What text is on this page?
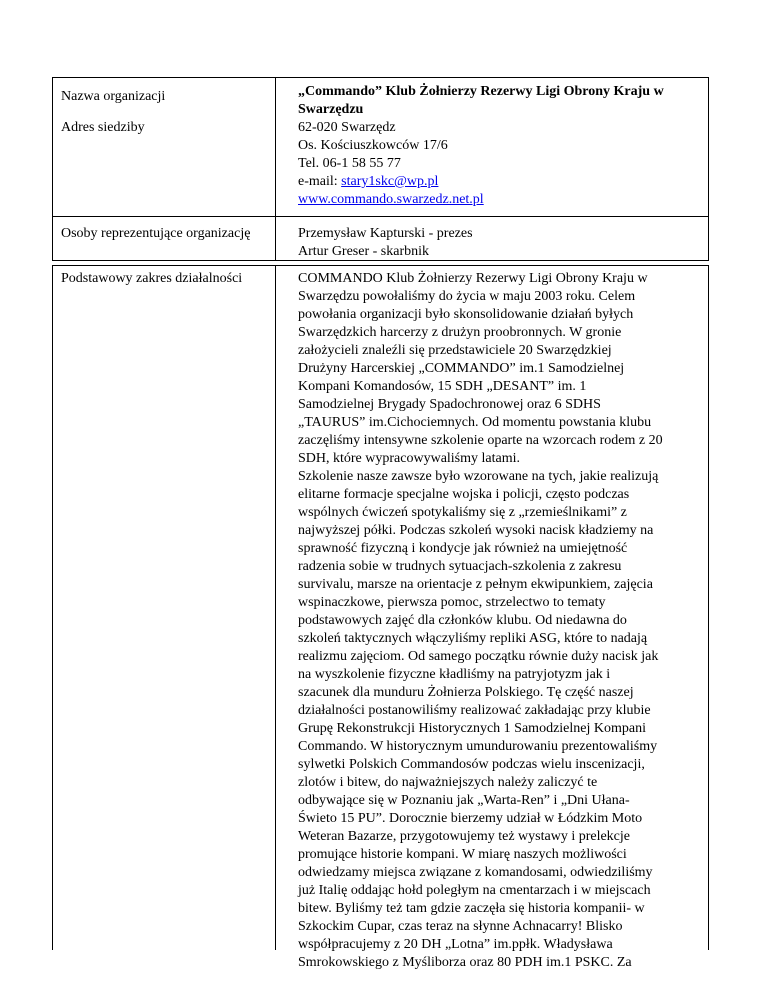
Nazwa organizacji
Adres siedziby
„Commando” Klub Żołnierzy Rezerwy Ligi Obrony Kraju w
Swarzędzu
62-020 Swarzędz
Os. Kościuszkowców 17/6
Tel. 06-1 58 55 77
e-mail: stary1skc@wp.pl
www.commando.swarzedz.net.pl
Osoby reprezentujące organizację	Przemysław Kapturski - prezes
Artur Greser - skarbnik
Podstawowy zakres działalności	COMMANDO Klub Żołnierzy Rezerwy Ligi Obrony Kraju w
Swarzędzu powołaliśmy do życia w maju 2003 roku. Celem
powołania organizacji było skonsolidowanie działań byłych
Swarzędzkich harcerzy z drużyn proobronnych. W gronie
założycieli znaleźli się przedstawiciele 20 Swarzędzkiej
Drużyny Harcerskiej „COMMANDO” im.1 Samodzielnej
Kompani Komandosów, 15 SDH „DESANT” im. 1
Samodzielnej Brygady Spadochronowej oraz 6 SDHS
„TAURUS” im.Cichociemnych. Od momentu powstania klubu
zaczęliśmy intensywne szkolenie oparte na wzorcach rodem z 20
SDH, które wypracowywaliśmy latami.
Szkolenie nasze zawsze było wzorowane na tych, jakie realizują
elitarne formacje specjalne wojska i policji, często podczas
wspólnych ćwiczeń spotykaliśmy się z „rzemieślnikami” z
najwyższej półki. Podczas szkoleń wysoki nacisk kładziemy na
sprawność fizyczną i kondycje jak również na umiejętność
radzenia sobie w trudnych sytuacjach-szkolenia z zakresu
survivalu, marsze na orientacje z pełnym ekwipunkiem, zajęcia
wspinaczkowe, pierwsza pomoc, strzelectwo to tematy
podstawowych zajęć dla członków klubu. Od niedawna do
szkoleń taktycznych włączyliśmy repliki ASG, które to nadają
realizmu zajęciom. Od samego początku równie duży nacisk jak
na wyszkolenie fizyczne kładliśmy na patryjotyzm jak i
szacunek dla munduru Żołnierza Polskiego. Tę część naszej
działalności postanowiliśmy realizować zakładając przy klubie
Grupę Rekonstrukcji Historycznych 1 Samodzielnej Kompani
Commando. W historycznym umundurowaniu prezentowaliśmy
sylwetki Polskich Commandosów podczas wielu inscenizacji,
zlotów i bitew, do najważniejszych należy zaliczyć te
odbywające się w Poznaniu jak „Warta-Ren” i „Dni Ułana-
Świeto 15 PU”. Dorocznie bierzemy udział w Łódzkim Moto
Weteran Bazarze, przygotowujemy też wystawy i prelekcje
promujące historie kompani. W miarę naszych możliwości
odwiedzamy miejsca związane z komandosami, odwiedziliśmy
już Italię oddając hołd poległym na cmentarzach i w miejscach
bitew. Byliśmy też tam gdzie zaczęła się historia kompanii- w
Szkockim Cupar, czas teraz na słynne Achnacarry! Blisko
współpracujemy z 20 DH „Lotna” im.ppłk. Władysława
Smrokowskiego z Myśliborza oraz 80 PDH im.1 PSKC. Za
